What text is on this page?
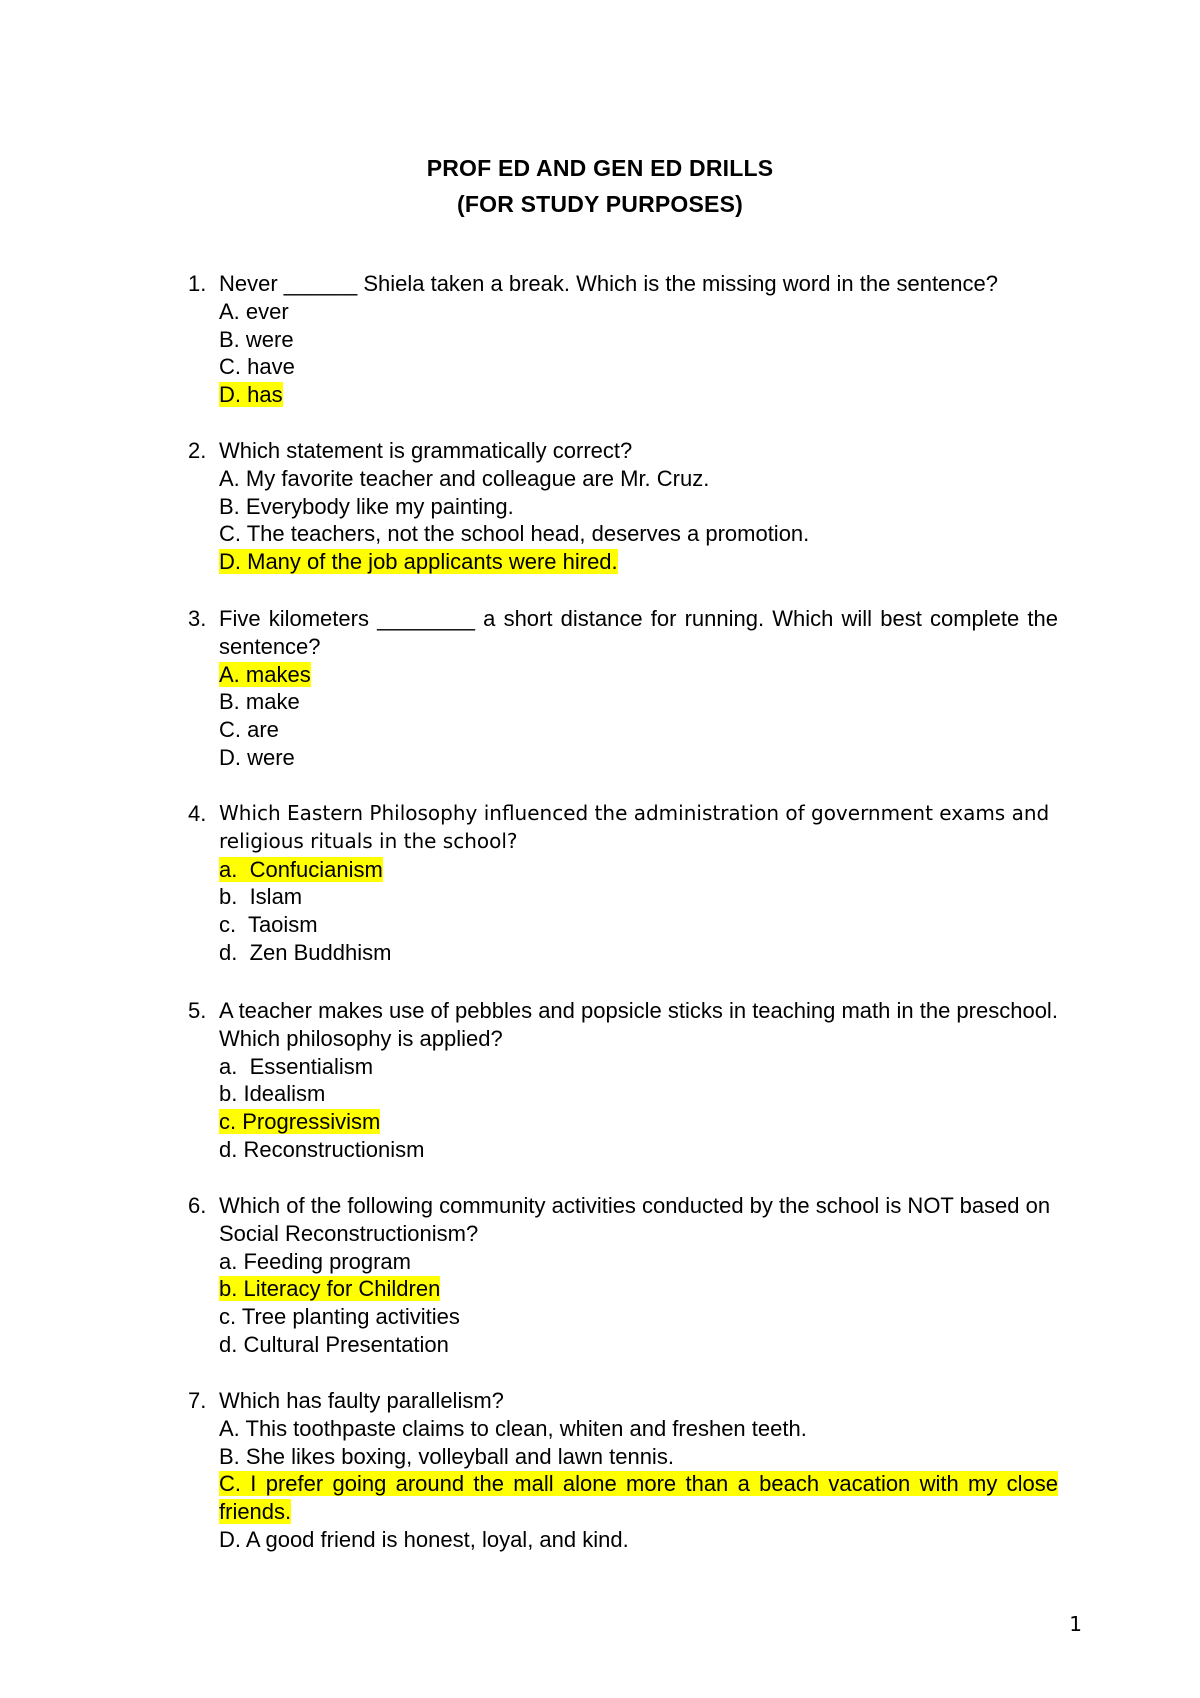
PROF ED AND GEN ED DRILLS
(FOR STUDY PURPOSES)
1. Never ______ Shiela taken a break. Which is the missing word in the sentence?
A. ever
B. were
C. have
D. has
2. Which statement is grammatically correct?
A. My favorite teacher and colleague are Mr. Cruz.
B. Everybody like my painting.
C. The teachers, not the school head, deserves a promotion.
D. Many of the job applicants were hired.
3. Five kilometers ________ a short distance for running. Which will best complete the sentence?
A. makes
B. make
C. are
D. were
4. Which Eastern Philosophy influenced the administration of government exams and religious rituals in the school?
a.  Confucianism
b.  Islam
c.  Taoism
d.  Zen Buddhism
5. A teacher makes use of pebbles and popsicle sticks in teaching math in the preschool. Which philosophy is applied?
a.  Essentialism
b. Idealism
c. Progressivism
d. Reconstructionism
6. Which of the following community activities conducted by the school is NOT based on Social Reconstructionism?
a. Feeding program
b. Literacy for Children
c. Tree planting activities
d. Cultural Presentation
7. Which has faulty parallelism?
A. This toothpaste claims to clean, whiten and freshen teeth.
B. She likes boxing, volleyball and lawn tennis.
C. I prefer going around the mall alone more than a beach vacation with my close friends.
D. A good friend is honest, loyal, and kind.
1
